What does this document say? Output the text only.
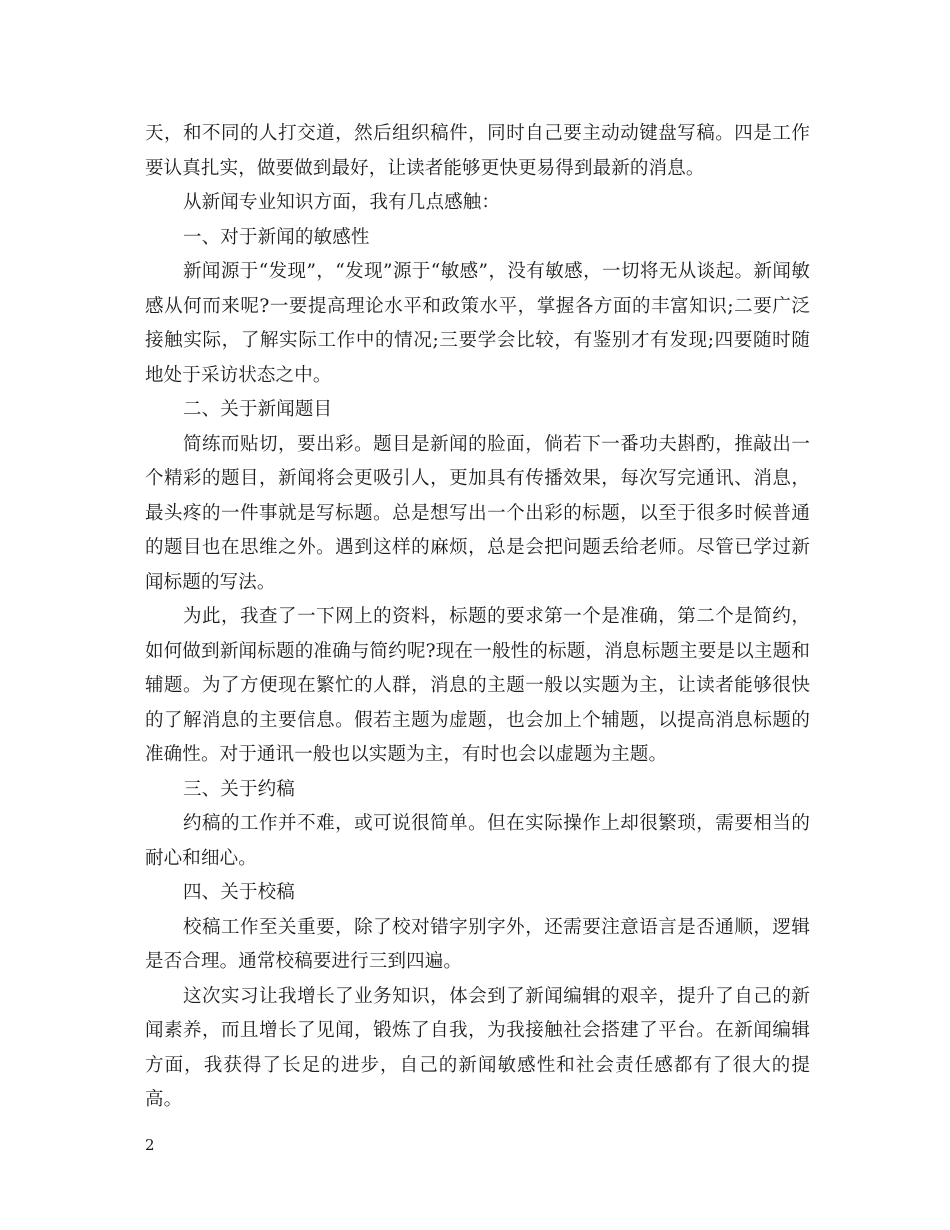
天，和不同的人打交道，然后组织稿件，同时自己要主动动键盘写稿。四是工作要认真扎实，做要做到最好，让读者能够更快更易得到最新的消息。

从新闻专业知识方面，我有几点感触：

一、对于新闻的敏感性

新闻源于“发现”，“发现”源于“敏感”，没有敏感，一切将无从谈起。新闻敏感从何而来呢?一要提高理论水平和政策水平，掌握各方面的丰富知识;二要广泛接触实际，了解实际工作中的情况;三要学会比较，有鉴别才有发现;四要随时随地处于采访状态之中。

二、关于新闻题目

简练而贴切，要出彩。题目是新闻的脸面，倘若下一番功夫斟酌，推敲出一个精彩的题目，新闻将会更吸引人，更加具有传播效果，每次写完通讯、消息，最头疼的一件事就是写标题。总是想写出一个出彩的标题，以至于很多时候普通的题目也在思维之外。遇到这样的麻烦，总是会把问题丢给老师。尽管已学过新闻标题的写法。

为此，我查了一下网上的资料，标题的要求第一个是准确，第二个是简约，如何做到新闻标题的准确与简约呢?现在一般性的标题，消息标题主要是以主题和辅题。为了方便现在繁忙的人群，消息的主题一般以实题为主，让读者能够很快的了解消息的主要信息。假若主题为虚题，也会加上个辅题，以提高消息标题的准确性。对于通讯一般也以实题为主，有时也会以虚题为主题。

三、关于约稿

约稿的工作并不难，或可说很简单。但在实际操作上却很繁琐，需要相当的耐心和细心。

四、关于校稿

校稿工作至关重要，除了校对错字别字外，还需要注意语言是否通顺，逻辑是否合理。通常校稿要进行三到四遍。

这次实习让我增长了业务知识，体会到了新闻编辑的艰辛，提升了自己的新闻素养，而且增长了见闻，锻炼了自我，为我接触社会搭建了平台。在新闻编辑方面，我获得了长足的进步，自己的新闻敏感性和社会责任感都有了很大的提高。

2
